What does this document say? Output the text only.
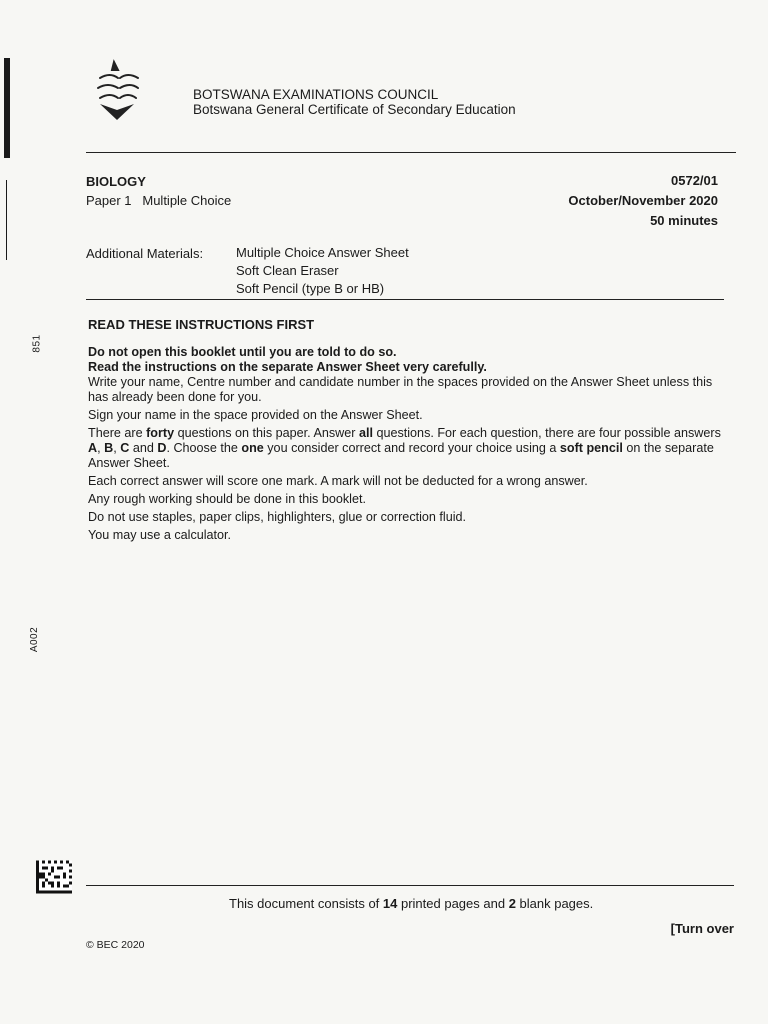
BOTSWANA EXAMINATIONS COUNCIL
Botswana General Certificate of Secondary Education
BIOLOGY
Paper 1   Multiple Choice
0572/01
October/November 2020
50 minutes
Additional Materials:	Multiple Choice Answer Sheet
Soft Clean Eraser
Soft Pencil (type B or HB)
READ THESE INSTRUCTIONS FIRST

Do not open this booklet until you are told to do so.

Read the instructions on the separate Answer Sheet very carefully.

Write your name, Centre number and candidate number in the spaces provided on the Answer Sheet unless this has already been done for you.

Sign your name in the space provided on the Answer Sheet.

There are forty questions on this paper. Answer all questions. For each question, there are four possible answers A, B, C and D. Choose the one you consider correct and record your choice using a soft pencil on the separate Answer Sheet.

Each correct answer will score one mark. A mark will not be deducted for a wrong answer.

Any rough working should be done in this booklet.

Do not use staples, paper clips, highlighters, glue or correction fluid.

You may use a calculator.

851
A002
This document consists of 14 printed pages and 2 blank pages.
[Turn over
© BEC 2020
